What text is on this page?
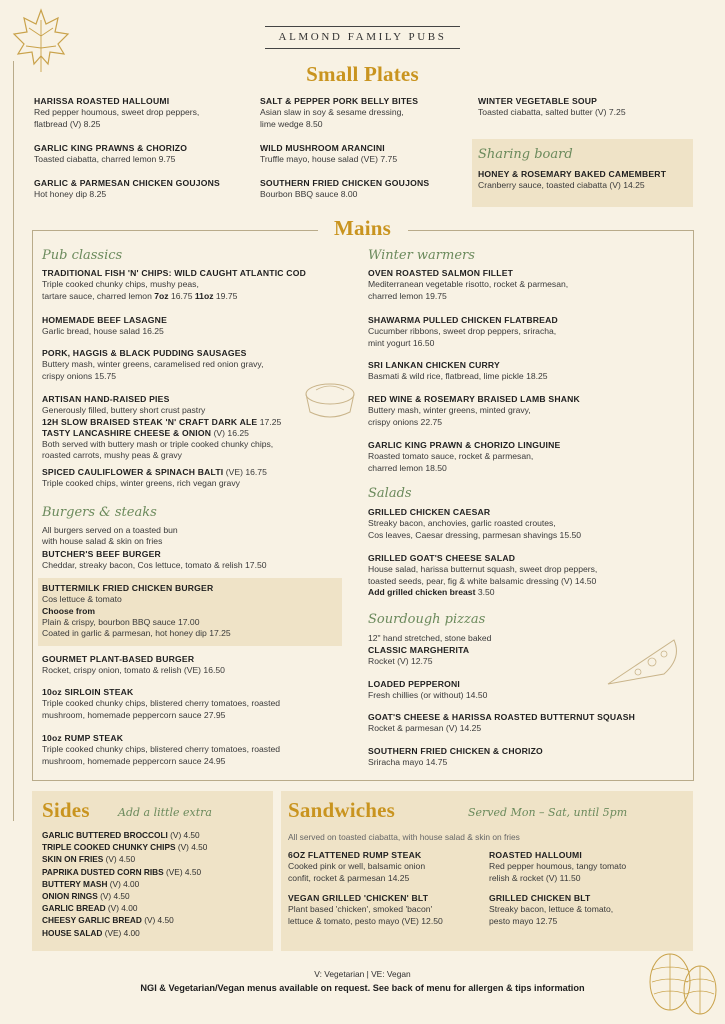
ALMOND FAMILY PUBS
Small Plates
HARISSA ROASTED HALLOUMI
Red pepper houmous, sweet drop peppers,
flatbread (V) 8.25
GARLIC KING PRAWNS & CHORIZO
Toasted ciabatta, charred lemon 9.75
GARLIC & PARMESAN CHICKEN GOUJONS
Hot honey dip 8.25
SALT & PEPPER PORK BELLY BITES
Asian slaw in soy & sesame dressing,
lime wedge 8.50
WILD MUSHROOM ARANCINI
Truffle mayo, house salad (VE) 7.75
SOUTHERN FRIED CHICKEN GOUJONS
Bourbon BBQ sauce 8.00
WINTER VEGETABLE SOUP
Toasted ciabatta, salted butter (V) 7.25
Sharing board
HONEY & ROSEMARY BAKED CAMEMBERT
Cranberry sauce, toasted ciabatta (V) 14.25
Mains
Pub classics
TRADITIONAL FISH 'N' CHIPS: WILD CAUGHT ATLANTIC COD
Triple cooked chunky chips, mushy peas,
tartare sauce, charred lemon 7oz 16.75 11oz 19.75
HOMEMADE BEEF LASAGNE
Garlic bread, house salad 16.25
PORK, HAGGIS & BLACK PUDDING SAUSAGES
Buttery mash, winter greens, caramelised red onion gravy,
crispy onions 15.75
ARTISAN HAND-RAISED PIES
Generously filled, buttery short crust pastry
12H SLOW BRAISED STEAK 'N' CRAFT DARK ALE 17.25
TASTY LANCASHIRE CHEESE & ONION (V) 16.25
Both served with buttery mash or triple cooked chunky chips,
roasted carrots, mushy peas & gravy
SPICED CAULIFLOWER & SPINACH BALTI (VE) 16.75
Triple cooked chips, winter greens, rich vegan gravy
Burgers & steaks
All burgers served on a toasted bun
with house salad & skin on fries
BUTCHER'S BEEF BURGER
Cheddar, streaky bacon, Cos lettuce, tomato & relish 17.50
BUTTERMILK FRIED CHICKEN BURGER
Cos lettuce & tomato
Choose from
Plain & crispy, bourbon BBQ sauce 17.00
Coated in garlic & parmesan, hot honey dip 17.25
GOURMET PLANT-BASED BURGER
Rocket, crispy onion, tomato & relish (VE) 16.50
10oz SIRLOIN STEAK
Triple cooked chunky chips, blistered cherry tomatoes, roasted
mushroom, homemade peppercorn sauce 27.95
10oz RUMP STEAK
Triple cooked chunky chips, blistered cherry tomatoes, roasted
mushroom, homemade peppercorn sauce 24.95
Winter warmers
OVEN ROASTED SALMON FILLET
Mediterranean vegetable risotto, rocket & parmesan,
charred lemon 19.75
SHAWARMA PULLED CHICKEN FLATBREAD
Cucumber ribbons, sweet drop peppers, sriracha,
mint yogurt 16.50
SRI LANKAN CHICKEN CURRY
Basmati & wild rice, flatbread, lime pickle 18.25
RED WINE & ROSEMARY BRAISED LAMB SHANK
Buttery mash, winter greens, minted gravy,
crispy onions 22.75
GARLIC KING PRAWN & CHORIZO LINGUINE
Roasted tomato sauce, rocket & parmesan,
charred lemon 18.50
Salads
GRILLED CHICKEN CAESAR
Streaky bacon, anchovies, garlic roasted croutes,
Cos leaves, Caesar dressing, parmesan shavings 15.50
GRILLED GOAT'S CHEESE SALAD
House salad, harissa butternut squash, sweet drop peppers,
toasted seeds, pear, fig & white balsamic dressing (V) 14.50
Add grilled chicken breast 3.50
Sourdough pizzas
12" hand stretched, stone baked
CLASSIC MARGHERITA
Rocket (V) 12.75
LOADED PEPPERONI
Fresh chillies (or without) 14.50
GOAT'S CHEESE & HARISSA ROASTED BUTTERNUT SQUASH
Rocket & parmesan (V) 14.25
SOUTHERN FRIED CHICKEN & CHORIZO
Sriracha mayo 14.75
Sides	Add a little extra
GARLIC BUTTERED BROCCOLI (V) 4.50
TRIPLE COOKED CHUNKY CHIPS (V) 4.50
SKIN ON FRIES (V) 4.50
PAPRIKA DUSTED CORN RIBS (VE) 4.50
BUTTERY MASH (V) 4.00
ONION RINGS (V) 4.50
GARLIC BREAD (V) 4.00
CHEESY GARLIC BREAD (V) 4.50
HOUSE SALAD (VE) 4.00
Sandwiches	Served Mon – Sat, until 5pm
All served on toasted ciabatta, with house salad & skin on fries
6OZ FLATTENED RUMP STEAK
Cooked pink or well, balsamic onion
confit, rocket & parmesan 14.25
VEGAN GRILLED 'CHICKEN' BLT
Plant based 'chicken', smoked 'bacon'
lettuce & tomato, pesto mayo (VE) 12.50
ROASTED HALLOUMI
Red pepper houmous, tangy tomato
relish & rocket (V) 11.50
GRILLED CHICKEN BLT
Streaky bacon, lettuce & tomato,
pesto mayo 12.75
V: Vegetarian | VE: Vegan
NGI & Vegetarian/Vegan menus available on request. See back of menu for allergen & tips information
